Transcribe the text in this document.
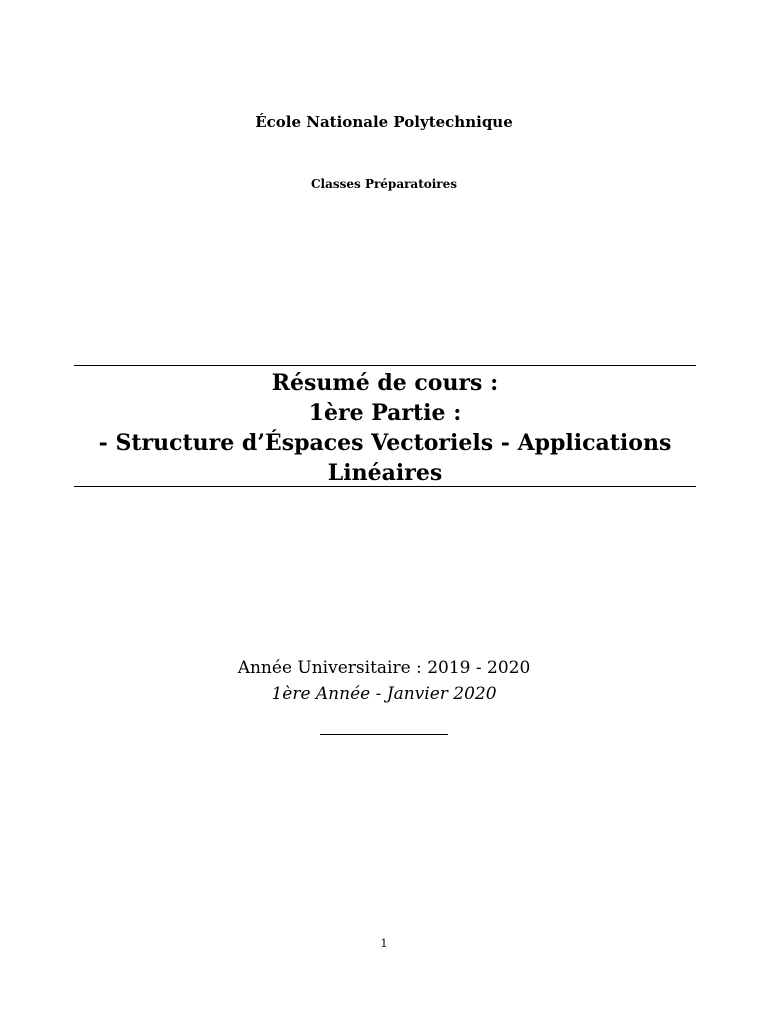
École Nationale Polytechnique
Classes Préparatoires
Résumé de cours :
1ère Partie :
- Structure d’Éspaces Vectoriels - Applications
Linéaires
Année Universitaire : 2019 - 2020
1ère Année - Janvier 2020
1
